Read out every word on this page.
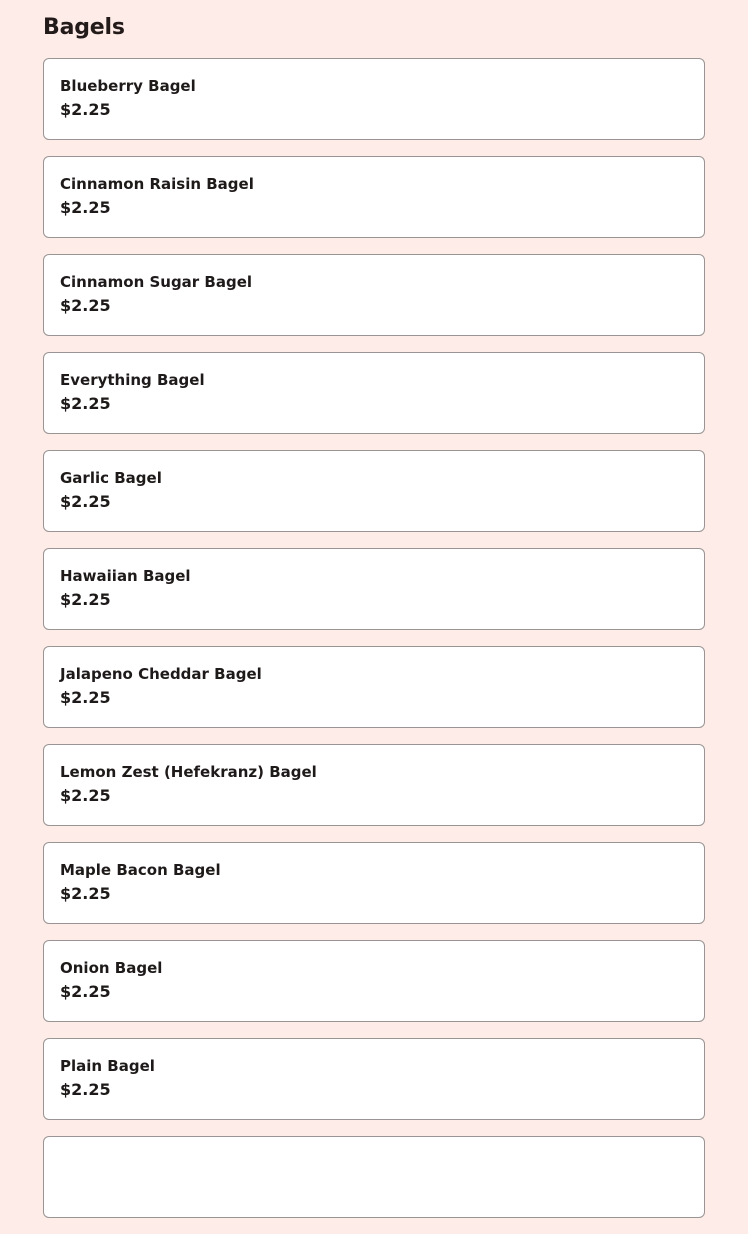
Bagels
Blueberry Bagel
$2.25
Cinnamon Raisin Bagel
$2.25
Cinnamon Sugar Bagel
$2.25
Everything Bagel
$2.25
Garlic Bagel
$2.25
Hawaiian Bagel
$2.25
Jalapeno Cheddar Bagel
$2.25
Lemon Zest (Hefekranz) Bagel
$2.25
Maple Bacon Bagel
$2.25
Onion Bagel
$2.25
Plain Bagel
$2.25
